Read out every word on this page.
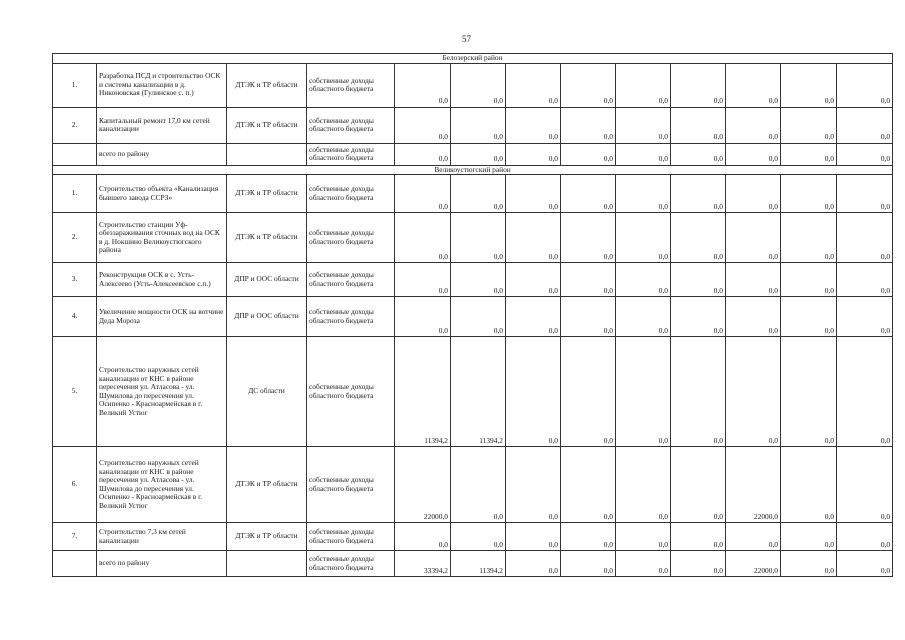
57
Белозерский район												
1.	Разработка ПСД и строительство ОСК и системы канализации в д. Никоновская (Гулинское с. п.)	ДТЭК и ТР области	собственные доходы областного бюджета	0,0	0,0	0,0	0,0	0,0	0,0	0,0	0,0	0,0
2.	Капитальный ремонт 17,0 км сетей канализации	ДТЭК и ТР области	собственные доходы областного бюджета	0,0	0,0	0,0	0,0	0,0	0,0	0,0	0,0	0,0
	всего по району		собственные доходы областного бюджета	0,0	0,0	0,0	0,0	0,0	0,0	0,0	0,0	0,0
Великоустюгский район												
1.	Строительство объекта «Канализация бывшего завода ССРЗ»	ДТЭК и ТР области	собственные доходы областного бюджета	0,0	0,0	0,0	0,0	0,0	0,0	0,0	0,0	0,0
2.	Строительство станции Уф-обеззараживания сточных вод на ОСК в д. Нокшино Великоустюгского района	ДТЭК и ТР области	собственные доходы областного бюджета	0,0	0,0	0,0	0,0	0,0	0,0	0,0	0,0	0,0
3.	Реконструкция ОСК в с. Усть-Алексеево (Усть-Алексеевское с.п.)	ДПР и ООС области	собственные доходы областного бюджета	0,0	0,0	0,0	0,0	0,0	0,0	0,0	0,0	0,0
4.	Увеличение мощности ОСК на вотчине Деда Мороза	ДПР и ООС области	собственные доходы областного бюджета	0,0	0,0	0,0	0,0	0,0	0,0	0,0	0,0	0,0
5.	Строительство наружных сетей канализации от КНС в районе пересечения ул. Атласова - ул. Шумилова до пересечения ул. Осипенко - Красноармейская в г. Великий Устюг	ДС области	собственные доходы областного бюджета	11394,2	11394,2	0,0	0,0	0,0	0,0	0,0	0,0	0,0
6.	Строительство наружных сетей канализации от КНС в районе пересечения ул. Атласова - ул. Шумилова до пересечения ул. Осипенко - Красноармейская в г. Великий Устюг	ДТЭК и ТР области	собственные доходы областного бюджета	22000,0	0,0	0,0	0,0	0,0	0,0	22000,0	0,0	0,0
7.	Строительство 7,3 км сетей канализации	ДТЭК и ТР области	собственные доходы областного бюджета	0,0	0,0	0,0	0,0	0,0	0,0	0,0	0,0	0,0
	всего по району		собственные доходы областного бюджета	33394,2	11394,2	0,0	0,0	0,0	0,0	22000,0	0,0	0,0
